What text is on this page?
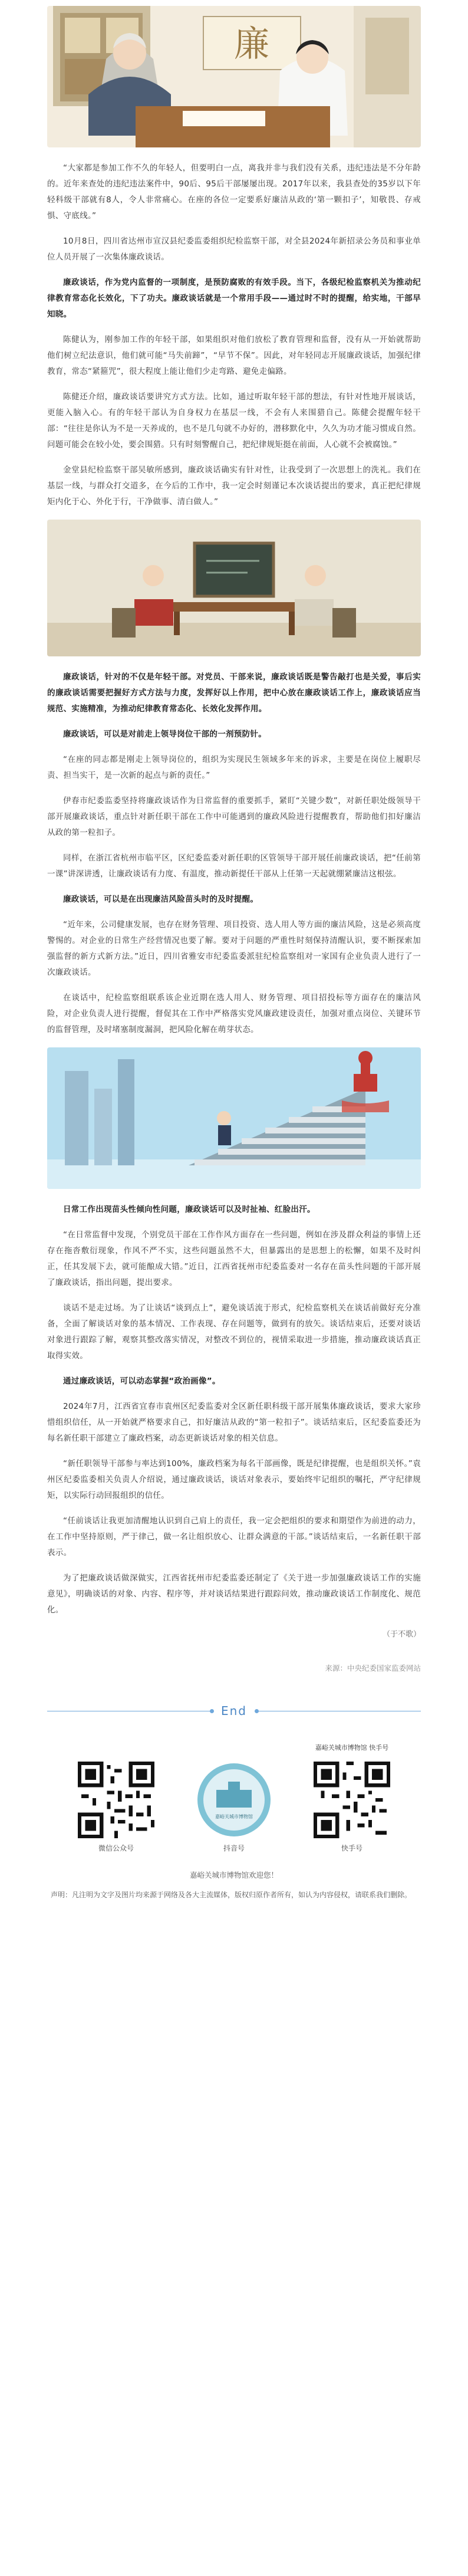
廉

“大家都是参加工作不久的年轻人，但要明白一点，离我并非与我们没有关系，违纪违法是不分年龄的。近年来查处的违纪违法案件中，90后、95后干部屡屡出现。2017年以来，我县查处的35岁以下年轻科级干部就有8人，令人非常痛心。在座的各位一定要系好廉洁从政的‘第一颗扣子’，知敬畏、存戒惧、守底线。”

10月8日，四川省达州市宣汉县纪委监委组织纪检监察干部，对全县2024年新招录公务员和事业单位人员开展了一次集体廉政谈话。

廉政谈话，作为党内监督的一项制度，是预防腐败的有效手段。当下，各级纪检监察机关为推动纪律教育常态化长效化，下了功夫。廉政谈话就是一个常用手段——通过时不时的提醒，给实地，干部早知晓。

陈健认为，刚参加工作的年轻干部，如果组织对他们放松了教育管理和监督，没有从一开始就帮助他们树立纪法意识，他们就可能“马失前蹄”，“早节不保”。因此，对年轻同志开展廉政谈话，加强纪律教育，常态“紧箍咒”，很大程度上能让他们少走弯路、避免走偏路。

陈健还介绍，廉政谈话要讲究方式方法。比如，通过听取年轻干部的想法，有针对性地开展谈话，更能入脑入心。有的年轻干部认为自身权力在基层一线，不会有人来围猎自己。陈健会提醒年轻干部：“往往是你认为不是一天养成的，也不是几句就不办好的，潜移默化中，久久为功才能习惯成自然。问题可能会在较小处，要会围猎。只有时刻警醒自己，把纪律规矩挺在前面，人心就不会被腐蚀。”

金堂县纪检监察干部吴敏所感到，廉政谈话确实有针对性，让我受到了一次思想上的洗礼。我们在基层一线，与群众打交道多，在今后的工作中，我一定会时刻谨记本次谈话提出的要求，真正把纪律规矩内化于心、外化于行，干净做事、清白做人。”

廉政谈话，针对的不仅是年轻干部。对党员、干部来说，廉政谈话既是警告敲打也是关爱，事后实的廉政谈话需要把握好方式方法与力度，发挥好以上作用，把中心放在廉政谈话工作上，廉政谈话应当规范、实施精准，为推动纪律教育常态化、长效化发挥作用。

廉政谈话，可以是对前走上领导岗位干部的一剂预防针。

“在座的同志都是刚走上领导岗位的，组织为实现民生领域多年来的诉求，主要是在岗位上履职尽责、担当实干，是一次新的起点与新的责任。”

伊春市纪委监委坚持将廉政谈话作为日常监督的重要抓手，紧盯“关键少数”，对新任职处级领导干部开展廉政谈话，重点针对新任职干部在工作中可能遇到的廉政风险进行提醒教育，帮助他们扣好廉洁从政的第一粒扣子。

同样，在浙江省杭州市临平区，区纪委监委对新任职的区管领导干部开展任前廉政谈话，把“任前第一课”讲深讲透，让廉政谈话有力度、有温度，推动新提任干部从上任第一天起就绷紧廉洁这根弦。

廉政谈话，可以是在出现廉洁风险苗头时的及时提醒。

“近年来，公司健康发展，也存在财务管理、项目投资、选人用人等方面的廉洁风险，这是必须高度警惕的。对企业的日常生产经营情况也要了解。要对于问题的严重性时刻保持清醒认识，要不断探索加强监督的新方式新方法。”近日，四川省雅安市纪委监委派驻纪检监察组对一家国有企业负责人进行了一次廉政谈话。

在谈话中，纪检监察组联系该企业近期在选人用人、财务管理、项目招投标等方面存在的廉洁风险，对企业负责人进行提醒，督促其在工作中严格落实党风廉政建设责任，加强对重点岗位、关键环节的监督管理，及时堵塞制度漏洞，把风险化解在萌芽状态。

日常工作出现苗头性倾向性问题，廉政谈话可以及时扯袖、红脸出汗。

“在日常监督中发现，个别党员干部在工作作风方面存在一些问题，例如在涉及群众利益的事情上还存在拖沓敷衍现象，作风不严不实，这些问题虽然不大，但暴露出的是思想上的松懈，如果不及时纠正，任其发展下去，就可能酿成大错。”近日，江西省抚州市纪委监委对一名存在苗头性问题的干部开展了廉政谈话，指出问题，提出要求。

谈话不是走过场。为了让谈话“谈到点上”，避免谈话流于形式，纪检监察机关在谈话前做好充分准备，全面了解谈话对象的基本情况、工作表现、存在问题等，做到有的放矢。谈话结束后，还要对谈话对象进行跟踪了解，观察其整改落实情况，对整改不到位的，视情采取进一步措施，推动廉政谈话真正取得实效。

通过廉政谈话，可以动态掌握“政治画像”。

2024年7月，江西省宜春市袁州区纪委监委对全区新任职科级干部开展集体廉政谈话，要求大家珍惜组织信任，从一开始就严格要求自己，扣好廉洁从政的“第一粒扣子”。谈话结束后，区纪委监委还为每名新任职干部建立了廉政档案，动态更新谈话对象的相关信息。

“新任职领导干部参与率达到100%，廉政档案为每名干部画像，既是纪律提醒，也是组织关怀。”袁州区纪委监委相关负责人介绍说，通过廉政谈话，谈话对象表示，要始终牢记组织的嘱托，严守纪律规矩，以实际行动回报组织的信任。

“任前谈话让我更加清醒地认识到自己肩上的责任，我一定会把组织的要求和期望作为前进的动力，在工作中坚持原则，严于律己，做一名让组织放心、让群众满意的干部。”谈话结束后，一名新任职干部表示。

为了把廉政谈话做深做实，江西省抚州市纪委监委还制定了《关于进一步加强廉政谈话工作的实施意见》，明确谈话的对象、内容、程序等，并对谈话结果进行跟踪问效，推动廉政谈话工作制度化、规范化。

（于不歌）

来源：中央纪委国家监委网站

End
微信公众号
嘉峪关城市博物馆
抖音号
嘉峪关城市博物馆 快手号
快手号
嘉峪关城市博物馆欢迎您！

声明：凡注明为文字及图片均来源于网络及各大主流媒体，版权归原作者所有，如认为内容侵权，请联系我们删除。
